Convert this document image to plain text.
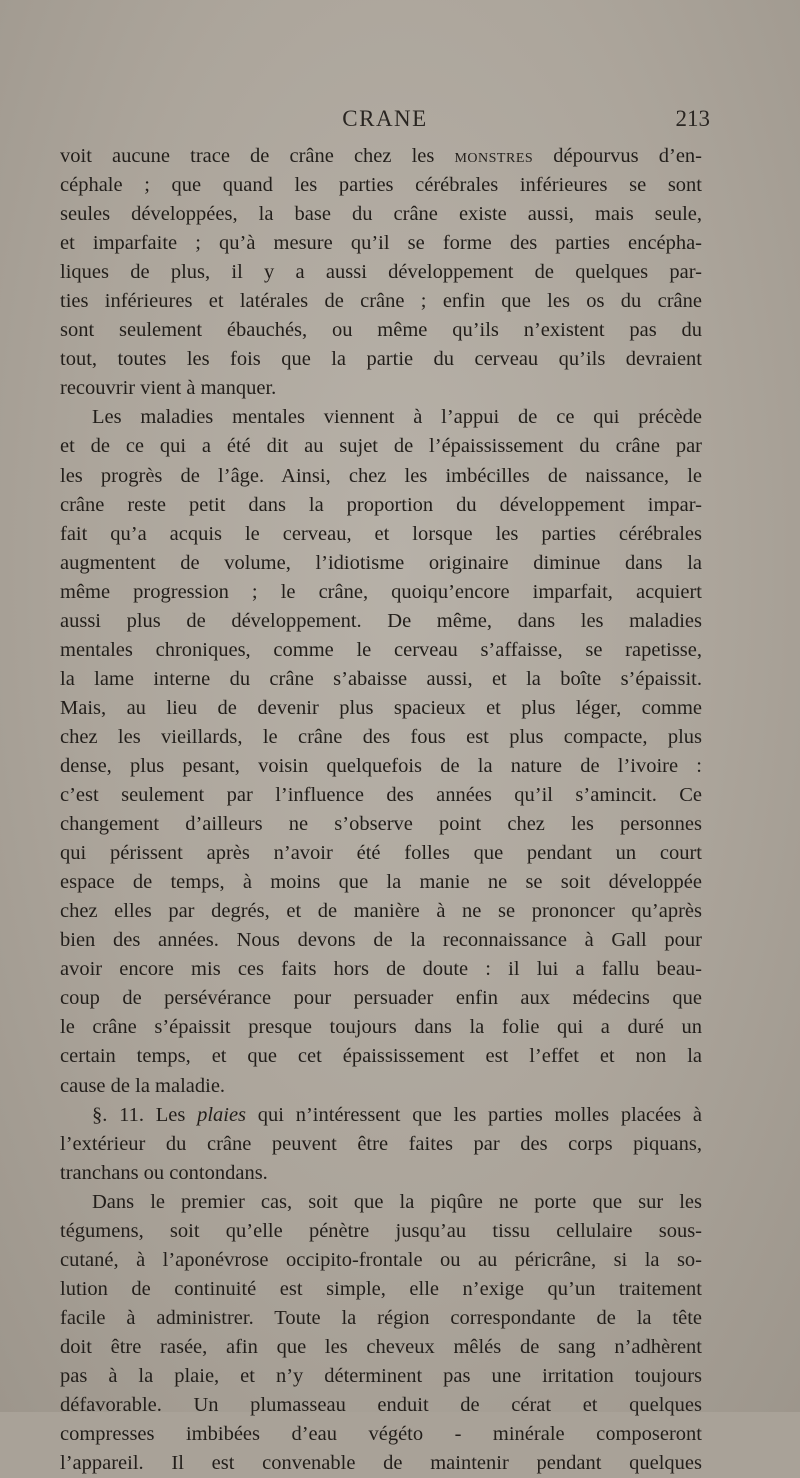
CRANE	213
voit aucune trace de crâne chez les monstres dépourvus d’en-
céphale ; que quand les parties cérébrales inférieures se sont
seules développées, la base du crâne existe aussi, mais seule,
et imparfaite ; qu’à mesure qu’il se forme des parties encépha-
liques de plus, il y a aussi développement de quelques par-
ties inférieures et latérales de crâne ; enfin que les os du crâne
sont seulement ébauchés, ou même qu’ils n’existent pas du
tout, toutes les fois que la partie du cerveau qu’ils devraient
recouvrir vient à manquer.
Les maladies mentales viennent à l’appui de ce qui précède
et de ce qui a été dit au sujet de l’épaississement du crâne par
les progrès de l’âge. Ainsi, chez les imbécilles de naissance, le
crâne reste petit dans la proportion du développement impar-
fait qu’a acquis le cerveau, et lorsque les parties cérébrales
augmentent de volume, l’idiotisme originaire diminue dans la
même progression ; le crâne, quoiqu’encore imparfait, acquiert
aussi plus de développement. De même, dans les maladies
mentales chroniques, comme le cerveau s’affaisse, se rapetisse,
la lame interne du crâne s’abaisse aussi, et la boîte s’épaissit.
Mais, au lieu de devenir plus spacieux et plus léger, comme
chez les vieillards, le crâne des fous est plus compacte, plus
dense, plus pesant, voisin quelquefois de la nature de l’ivoire :
c’est seulement par l’influence des années qu’il s’amincit. Ce
changement d’ailleurs ne s’observe point chez les personnes
qui périssent après n’avoir été folles que pendant un court
espace de temps, à moins que la manie ne se soit développée
chez elles par degrés, et de manière à ne se prononcer qu’après
bien des années. Nous devons de la reconnaissance à Gall pour
avoir encore mis ces faits hors de doute : il lui a fallu beau-
coup de persévérance pour persuader enfin aux médecins que
le crâne s’épaissit presque toujours dans la folie qui a duré un
certain temps, et que cet épaississement est l’effet et non la
cause de la maladie.
§. 11. Les plaies qui n’intéressent que les parties molles placées à
l’extérieur du crâne peuvent être faites par des corps piquans,
tranchans ou contondans.
Dans le premier cas, soit que la piqûre ne porte que sur les
tégumens, soit qu’elle pénètre jusqu’au tissu cellulaire sous-
cutané, à l’aponévrose occipito-frontale ou au péricrâne, si la so-
lution de continuité est simple, elle n’exige qu’un traitement
facile à administrer. Toute la région correspondante de la tête
doit être rasée, afin que les cheveux mêlés de sang n’adhèrent
pas à la plaie, et n’y déterminent pas une irritation toujours
défavorable. Un plumasseau enduit de cérat et quelques
compresses imbibées d’eau végéto - minérale composeront
l’appareil. Il est convenable de maintenir pendant quelques
